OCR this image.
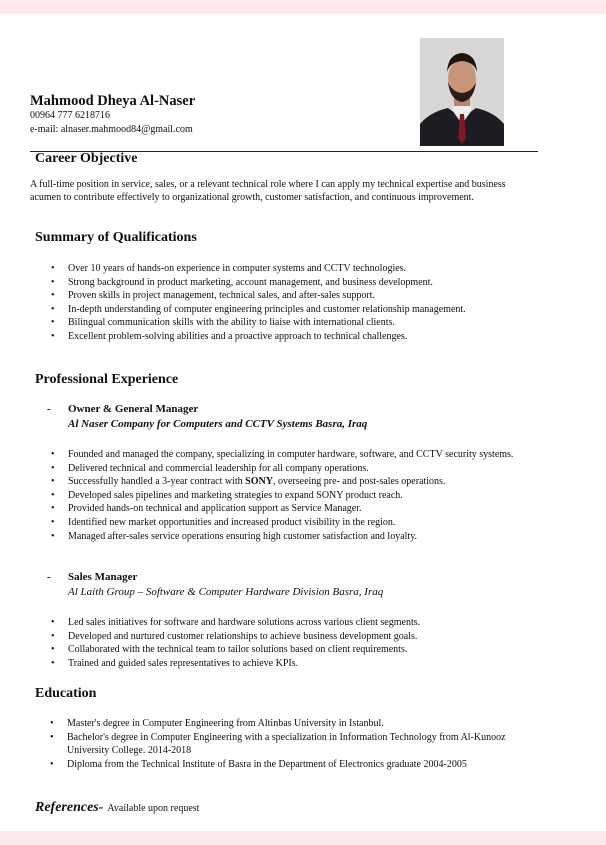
Mahmood Dheya Al-Naser
00964 777 6218716
e-mail: alnaser.mahmood84@gmail.com
Career Objective
A full-time position in service, sales, or a relevant technical role where I can apply my technical expertise and business acumen to contribute effectively to organizational growth, customer satisfaction, and continuous improvement.
Summary of Qualifications
• Over 10 years of hands-on experience in computer systems and CCTV technologies.
• Strong background in product marketing, account management, and business development.
• Proven skills in project management, technical sales, and after-sales support.
• In-depth understanding of computer engineering principles and customer relationship management.
• Bilingual communication skills with the ability to liaise with international clients.
• Excellent problem-solving abilities and a proactive approach to technical challenges.
Professional Experience
- Owner & General Manager
Al Naser Company for Computers and CCTV Systems Basra, Iraq
• Founded and managed the company, specializing in computer hardware, software, and CCTV security systems.
• Delivered technical and commercial leadership for all company operations.
• Successfully handled a 3-year contract with SONY, overseeing pre- and post-sales operations.
• Developed sales pipelines and marketing strategies to expand SONY product reach.
• Provided hands-on technical and application support as Service Manager.
• Identified new market opportunities and increased product visibility in the region.
• Managed after-sales service operations ensuring high customer satisfaction and loyalty.
- Sales Manager
Al Laith Group – Software & Computer Hardware Division Basra, Iraq
• Led sales initiatives for software and hardware solutions across various client segments.
• Developed and nurtured customer relationships to achieve business development goals.
• Collaborated with the technical team to tailor solutions based on client requirements.
• Trained and guided sales representatives to achieve KPIs.
Education
• Master's degree in Computer Engineering from Altinbas University in Istanbul.
• Bachelor's degree in Computer Engineering with a specialization in Information Technology from Al-Kunooz University College. 2014-2018
• Diploma from the Technical Institute of Basra in the Department of Electronics graduate 2004-2005
References- Available upon request
